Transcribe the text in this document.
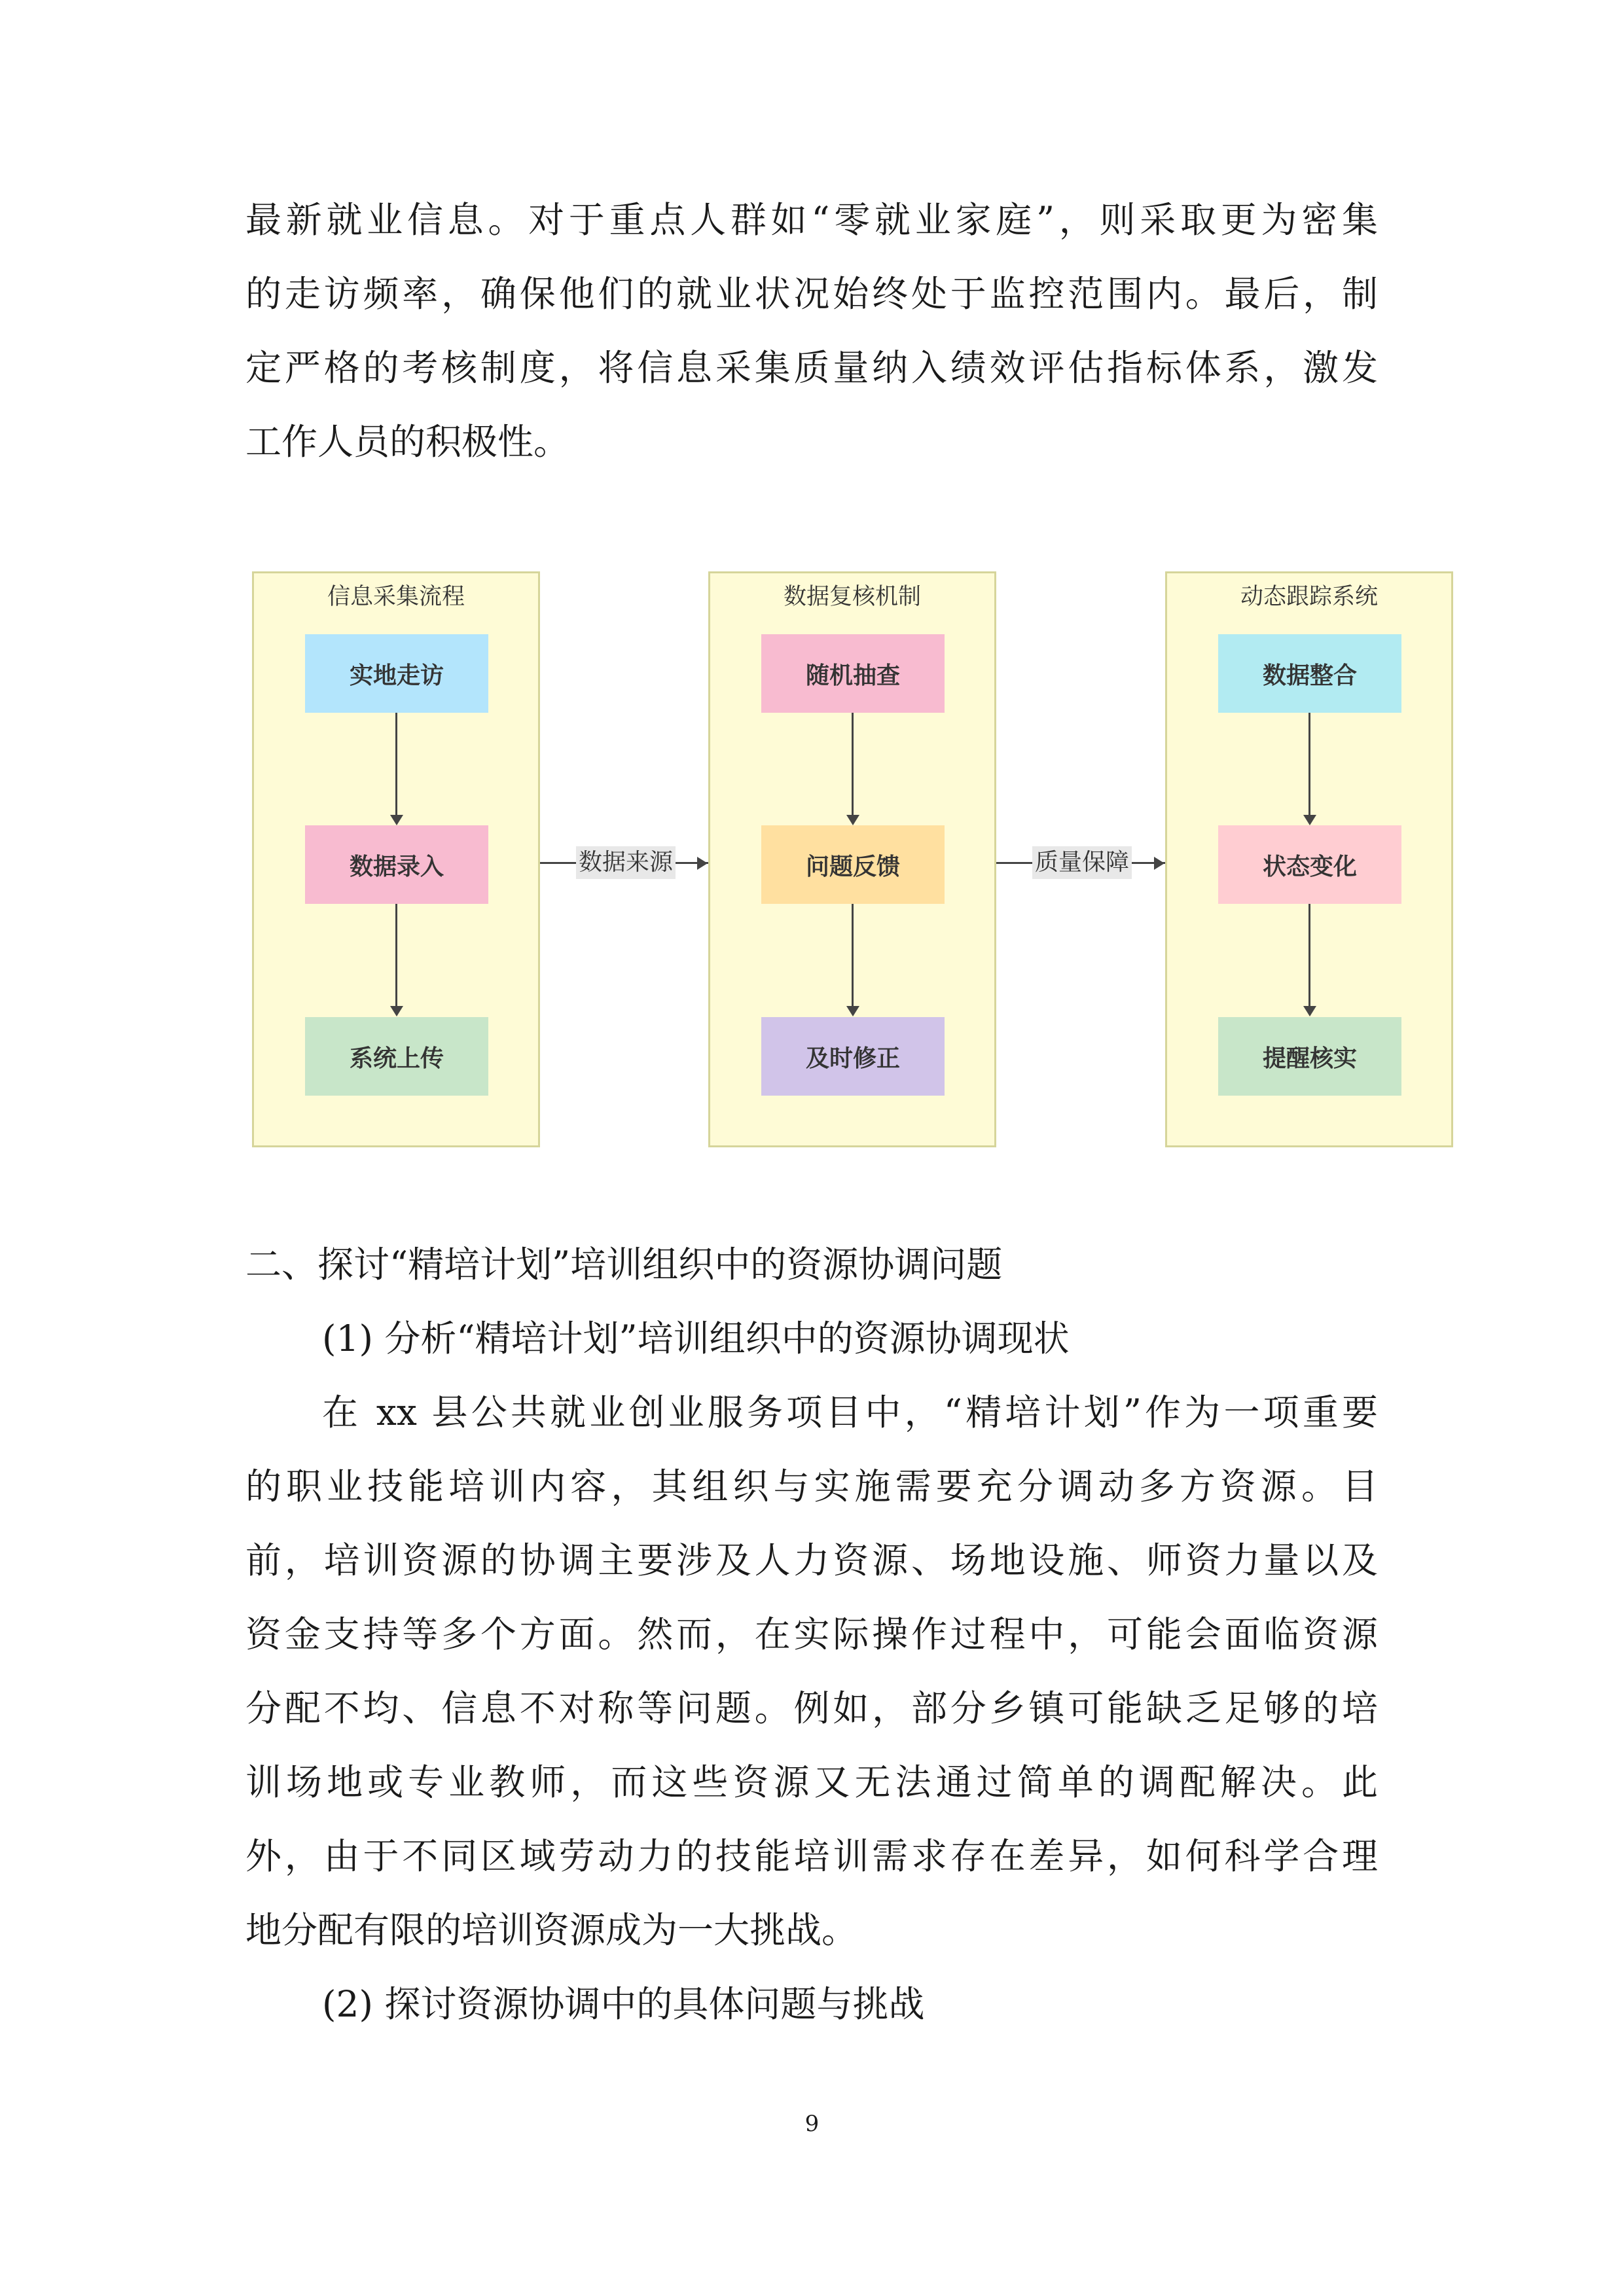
最新就业信息。对于重点人群如“零就业家庭”，则采取更为密集
的走访频率，确保他们的就业状况始终处于监控范围内。最后，制
定严格的考核制度，将信息采集质量纳入绩效评估指标体系，激发
工作人员的积极性。
信息采集流程
实地走访
数据录入
系统上传
数据来源
数据复核机制
随机抽查
问题反馈
及时修正
质量保障
动态跟踪系统
数据整合
状态变化
提醒核实
二、探讨“精培计划”培训组织中的资源协调问题
(1) 分析“精培计划”培训组织中的资源协调现状
在 xx 县公共就业创业服务项目中，“精培计划”作为一项重要
的职业技能培训内容，其组织与实施需要充分调动多方资源。目
前，培训资源的协调主要涉及人力资源、场地设施、师资力量以及
资金支持等多个方面。然而，在实际操作过程中，可能会面临资源
分配不均、信息不对称等问题。例如，部分乡镇可能缺乏足够的培
训场地或专业教师，而这些资源又无法通过简单的调配解决。此
外，由于不同区域劳动力的技能培训需求存在差异，如何科学合理
地分配有限的培训资源成为一大挑战。
(2) 探讨资源协调中的具体问题与挑战
9
